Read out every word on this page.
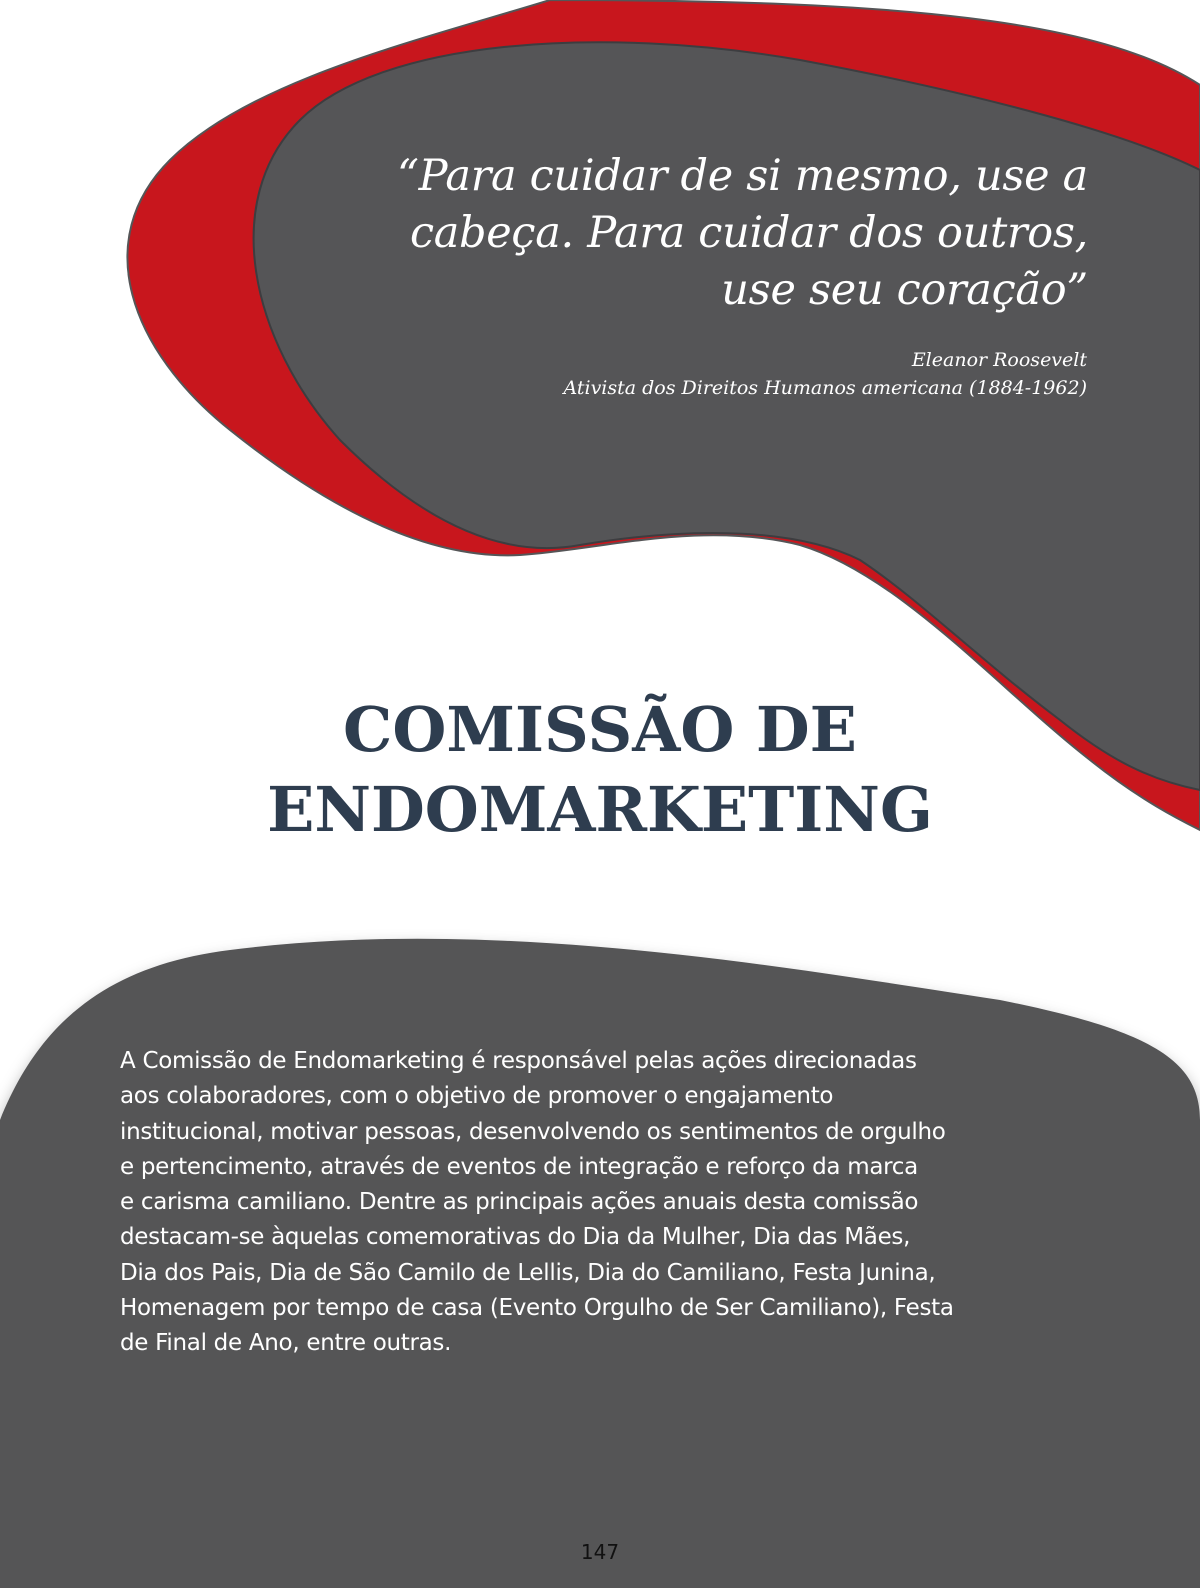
“Para cuidar de si mesmo, use a
cabeça. Para cuidar dos outros,
use seu coração”
Eleanor Roosevelt
Ativista dos Direitos Humanos americana (1884-1962)
COMISSÃO DE
ENDOMARKETING
A Comissão de Endomarketing é responsável pelas ações direcionadas
aos colaboradores, com o objetivo de promover o engajamento
institucional, motivar pessoas, desenvolvendo os sentimentos de orgulho
e pertencimento, através de eventos de integração e reforço da marca
e carisma camiliano. Dentre as principais ações anuais desta comissão
destacam-se àquelas comemorativas do Dia da Mulher, Dia das Mães,
Dia dos Pais, Dia de São Camilo de Lellis, Dia do Camiliano, Festa Junina,
Homenagem por tempo de casa (Evento Orgulho de Ser Camiliano), Festa
de Final de Ano, entre outras.
147
